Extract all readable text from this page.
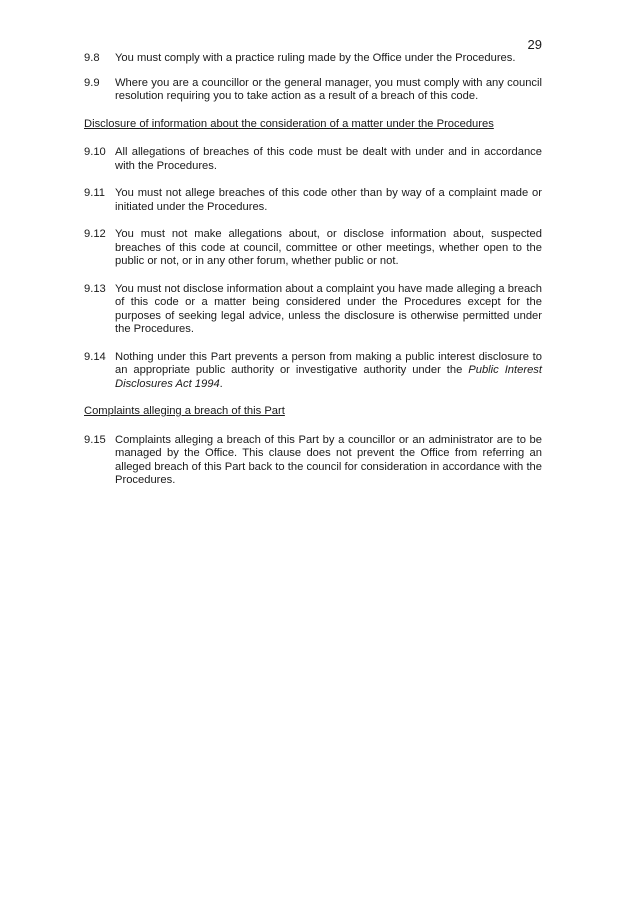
29
9.8	You must comply with a practice ruling made by the Office under the Procedures.
9.9	Where you are a councillor or the general manager, you must comply with any council resolution requiring you to take action as a result of a breach of this code.
Disclosure of information about the consideration of a matter under the Procedures
9.10 All allegations of breaches of this code must be dealt with under and in accordance with the Procedures.
9.11 You must not allege breaches of this code other than by way of a complaint made or initiated under the Procedures.
9.12 You must not make allegations about, or disclose information about, suspected breaches of this code at council, committee or other meetings, whether open to the public or not, or in any other forum, whether public or not.
9.13 You must not disclose information about a complaint you have made alleging a breach of this code or a matter being considered under the Procedures except for the purposes of seeking legal advice, unless the disclosure is otherwise permitted under the Procedures.
9.14 Nothing under this Part prevents a person from making a public interest disclosure to an appropriate public authority or investigative authority under the Public Interest Disclosures Act 1994.
Complaints alleging a breach of this Part
9.15 Complaints alleging a breach of this Part by a councillor or an administrator are to be managed by the Office. This clause does not prevent the Office from referring an alleged breach of this Part back to the council for consideration in accordance with the Procedures.
